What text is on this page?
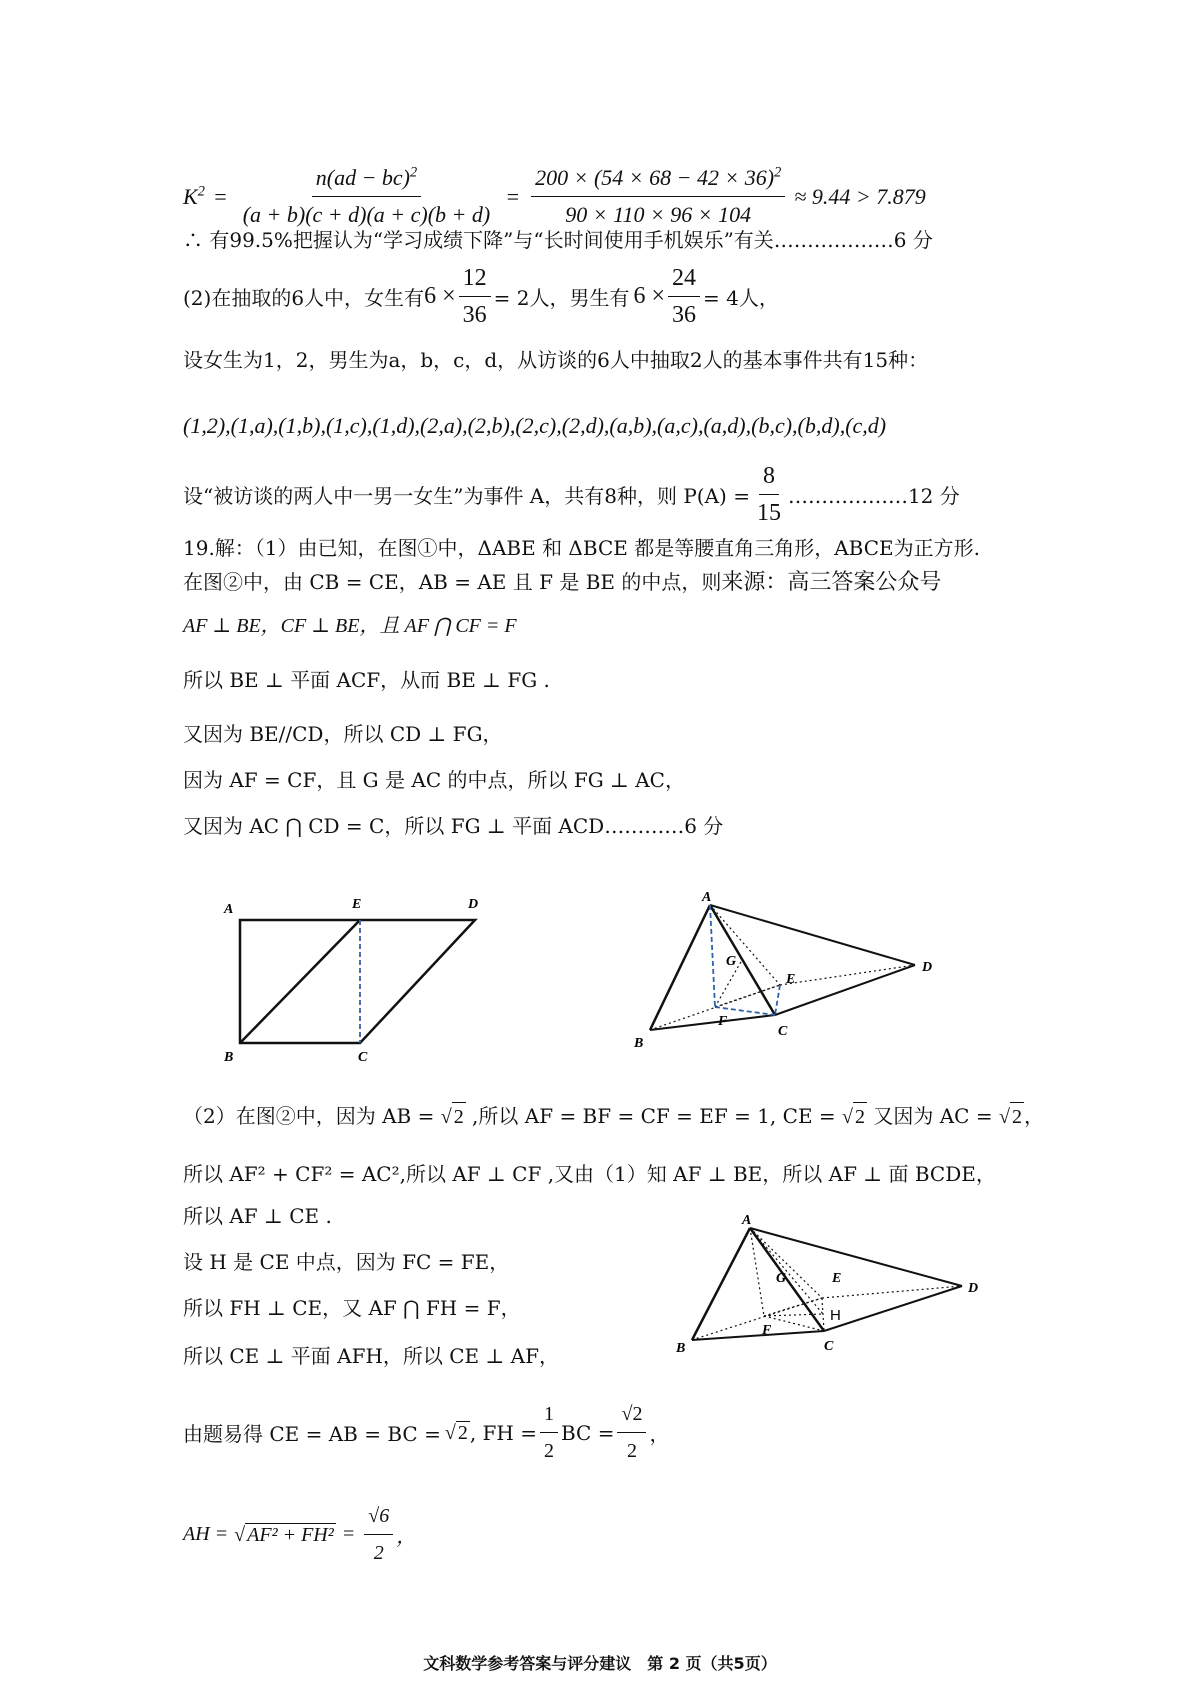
$K^2 = \frac{n(ad - bc)^2}{(a + b)(c + d)(a + c)(b + d)} = \frac{200 \times (54 \times 68 - 42 \times 36)^2}{90 \times 110 \times 96 \times 104} \approx 9.44 > 7.879$
∴ 有99.5%把握认为“学习成绩下降”与“长时间使用手机娱乐”有关………………6 分
(2)在抽取的6人中，女生有 $6 \times \frac{12}{36} = 2$人，男生有 $6 \times \frac{24}{36} = 4$人，
设女生为1，2，男生为a，b，c，d，从访谈的6人中抽取2人的基本事件共有15种：
(1,2),(1,a),(1,b),(1,c),(1,d),(2,a),(2,b),(2,c),(2,d),(a,b),(a,c),(a,d),(b,c),(b,d),(c,d)
设“被访谈的两人中一男一女生”为事件 A，共有8种，则 $P(A) = \frac{8}{15}$ ………………12 分
19.解：（1）由已知，在图①中，ΔABE 和 ΔBCE 都是等腰直角三角形，ABCE为正方形.
在图②中，由 CB = CE，AB = AE 且 F 是 BE 的中点，则来源：高三答案公众号
AF ⊥ BE，CF ⊥ BE，且 AF ⋂ CF = F
所以 BE ⊥ 平面 ACF，从而 BE ⊥ FG .
又因为 BE//CD，所以 CD ⊥ FG，
因为 AF = CF，且 G 是 AC 的中点，所以 FG ⊥ AC，
又因为 AC ⋂ CD = C，所以 FG ⊥ 平面 ACD…………6 分
A	E	D
B	C
A
G
E
D
F
B
C
（2）在图②中，因为 AB = √ 2 ,所以 AF = BF = CF = EF = 1, CE = √ 2 又因为 AC = √ 2 ，
所以 AF² + CF² = AC²,所以 AF ⊥ CF ,又由（1）知 AF ⊥ BE，所以 AF ⊥ 面 BCDE，
所以 AF ⊥ CE .
设 H 是 CE 中点，因为 FC = FE，
所以 FH ⊥ CE，又 AF ⋂ FH = F，
所以 CE ⊥ 平面 AFH，所以 CE ⊥ AF，
A
G	E
D
F
H
B	C
由题易得 CE = AB = BC = √ 2 , FH = $\frac{1}{2}$ BC = $\frac{√2}{2}$ ，
AH = √ $AF^2 + FH^2 = \frac{√6}{2}$ ，
文科数学参考答案与评分建议　第 2 页（共5页）
